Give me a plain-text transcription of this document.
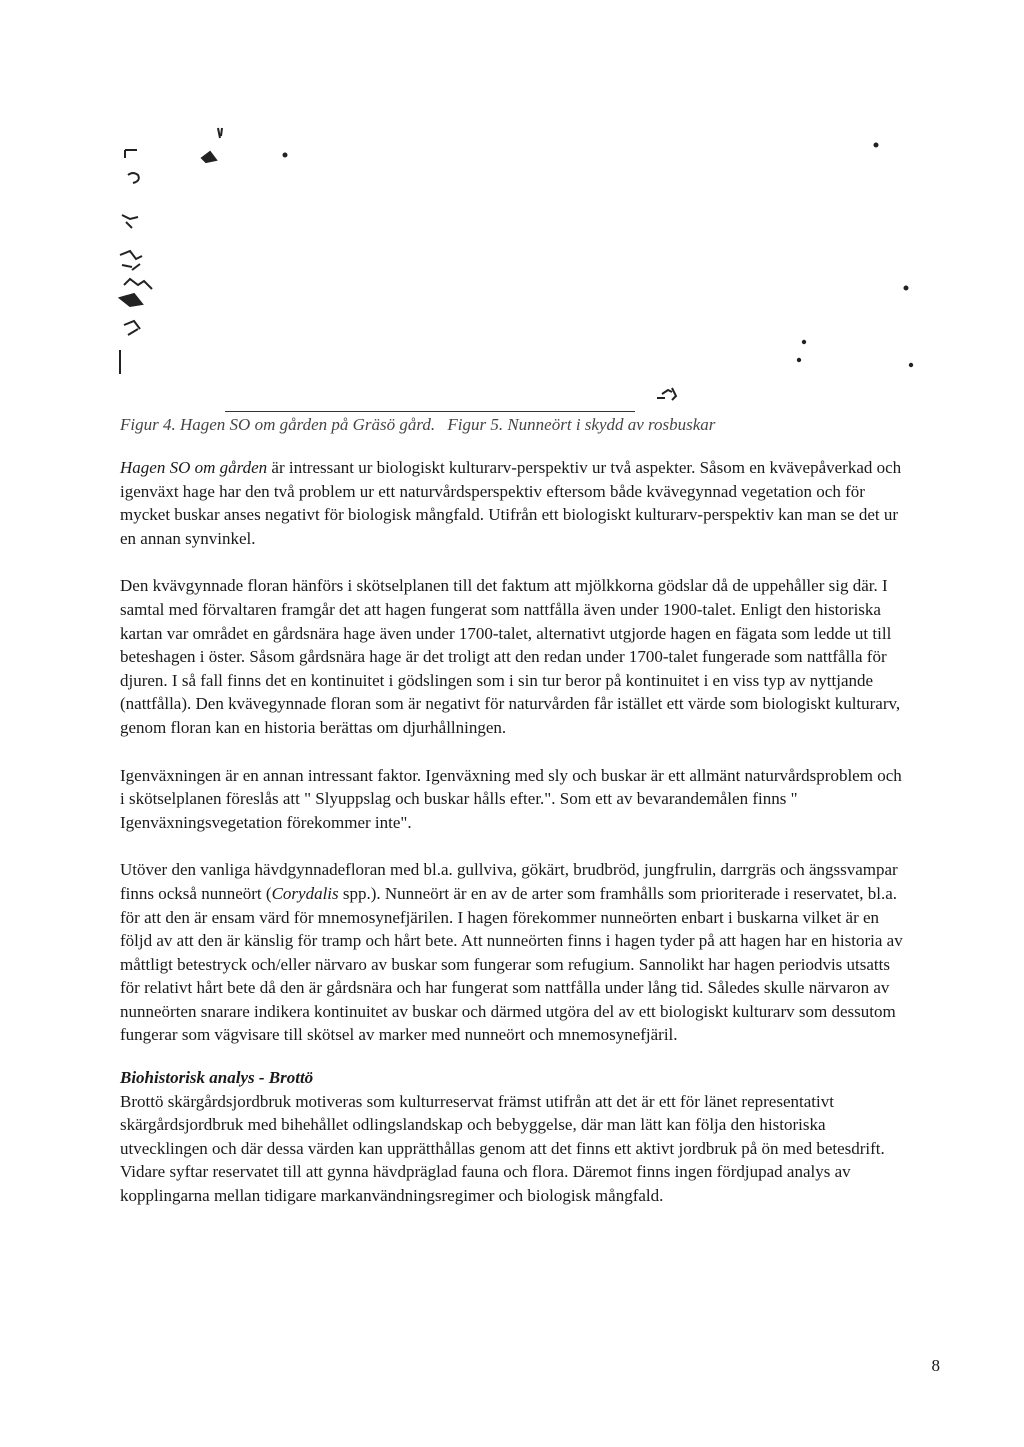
Figur 4. Hagen SO om gården på Gräsö gård. Figur 5. Nunneört i skydd av rosbuskar

Hagen SO om gården är intressant ur biologiskt kulturarv-perspektiv ur två aspekter. Såsom en kvävepåverkad och igenväxt hage har den två problem ur ett naturvårdsperspektiv eftersom både kvävegynnad vegetation och för mycket buskar anses negativt för biologisk mångfald. Utifrån ett biologiskt kulturarv-perspektiv kan man se det ur en annan synvinkel.

Den kvävgynnade floran hänförs i skötselplanen till det faktum att mjölkkorna gödslar då de uppehåller sig där. I samtal med förvaltaren framgår det att hagen fungerat som nattfålla även under 1900-talet. Enligt den historiska kartan var området en gårdsnära hage även under 1700-talet, alternativt utgjorde hagen en fägata som ledde ut till beteshagen i öster. Såsom gårdsnära hage är det troligt att den redan under 1700-talet fungerade som nattfålla för djuren. I så fall finns det en kontinuitet i gödslingen som i sin tur beror på kontinuitet i en viss typ av nyttjande (nattfålla). Den kvävegynnade floran som är negativt för naturvården får istället ett värde som biologiskt kulturarv, genom floran kan en historia berättas om djurhållningen.

Igenväxningen är en annan intressant faktor. Igenväxning med sly och buskar är ett allmänt naturvårdsproblem och i skötselplanen föreslås att " Slyuppslag och buskar hålls efter.". Som ett av bevarandemålen finns " Igenväxningsvegetation förekommer inte".

Utöver den vanliga hävdgynnadefloran med bl.a. gullviva, gökärt, brudbröd, jungfrulin, darrgräs och ängssvampar finns också nunneört (Corydalis spp.). Nunneört är en av de arter som framhålls som prioriterade i reservatet, bl.a. för att den är ensam värd för mnemosynefjärilen. I hagen förekommer nunneörten enbart i buskarna vilket är en följd av att den är känslig för tramp och hårt bete. Att nunneörten finns i hagen tyder på att hagen har en historia av måttligt betestryck och/eller närvaro av buskar som fungerar som refugium. Sannolikt har hagen periodvis utsatts för relativt hårt bete då den är gårdsnära och har fungerat som nattfålla under lång tid. Således skulle närvaron av nunneörten snarare indikera kontinuitet av buskar och därmed utgöra del av ett biologiskt kulturarv som dessutom fungerar som vägvisare till skötsel av marker med nunneört och mnemosynefjäril.

Biohistorisk analys - Brottö

Brottö skärgårdsjordbruk motiveras som kulturreservat främst utifrån att det är ett för länet representativt skärgårdsjordbruk med bihehållet odlingslandskap och bebyggelse, där man lätt kan följa den historiska utvecklingen och där dessa värden kan upprätthållas genom att det finns ett aktivt jordbruk på ön med betesdrift. Vidare syftar reservatet till att gynna hävdpräglad fauna och flora. Däremot finns ingen fördjupad analys av kopplingarna mellan tidigare markanvändningsregimer och biologisk mångfald.

8
